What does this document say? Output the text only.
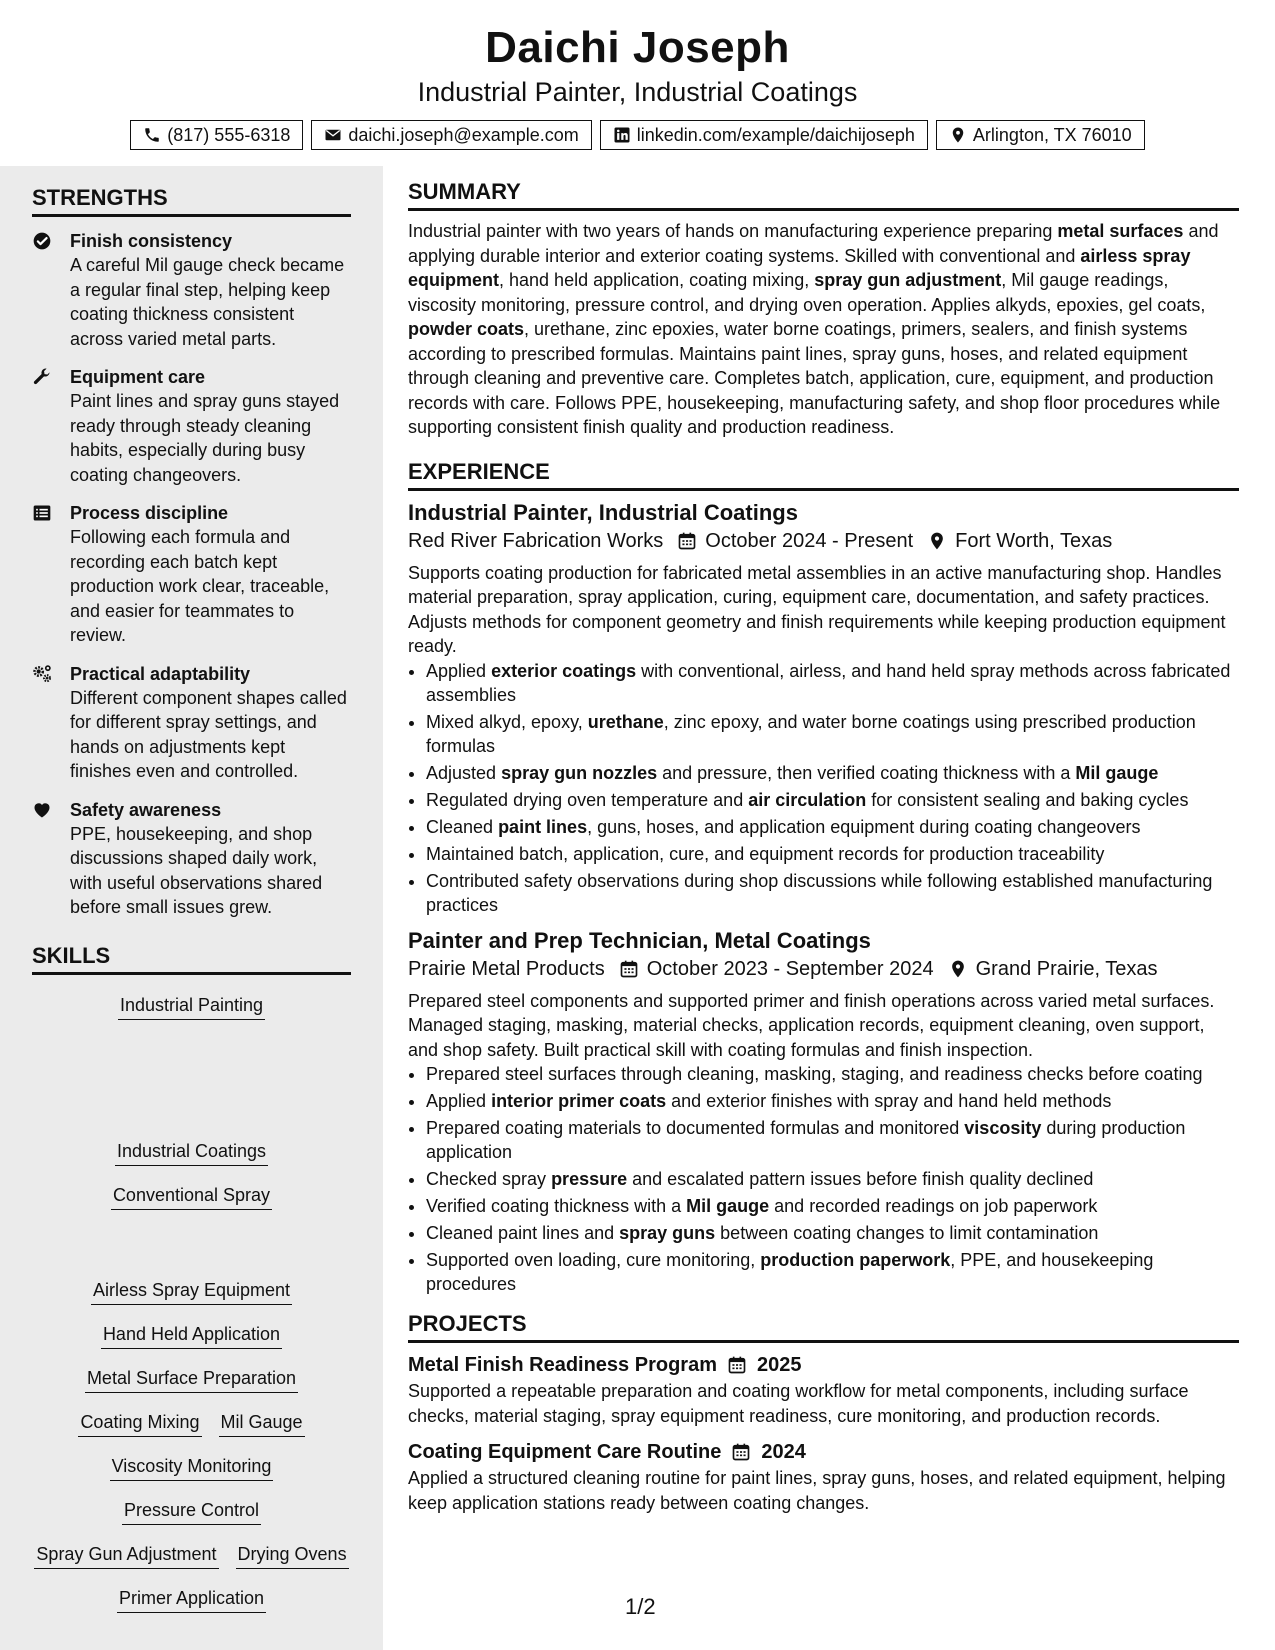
Daichi Joseph
Industrial Painter, Industrial Coatings
(817) 555-6318	daichi.joseph@example.com	linkedin.com/example/daichijoseph	Arlington, TX 76010
STRENGTHS
Finish consistency
A careful Mil gauge check became a regular final step, helping keep coating thickness consistent across varied metal parts.
Equipment care
Paint lines and spray guns stayed ready through steady cleaning habits, especially during busy coating changeovers.
Process discipline
Following each formula and recording each batch kept production work clear, traceable, and easier for teammates to review.
Practical adaptability
Different component shapes called for different spray settings, and hands on adjustments kept finishes even and controlled.
Safety awareness
PPE, housekeeping, and shop discussions shaped daily work, with useful observations shared before small issues grew.
SKILLS
Industrial Painting
Industrial Coatings
Conventional Spray
Airless Spray Equipment
Hand Held Application
Metal Surface Preparation
Coating Mixing Mil Gauge
Viscosity Monitoring
Pressure Control
Spray Gun Adjustment Drying Ovens
Primer Application
SUMMARY
Industrial painter with two years of hands on manufacturing experience preparing metal surfaces and applying durable interior and exterior coating systems. Skilled with conventional and airless spray equipment, hand held application, coating mixing, spray gun adjustment, Mil gauge readings, viscosity monitoring, pressure control, and drying oven operation. Applies alkyds, epoxies, gel coats, powder coats, urethane, zinc epoxies, water borne coatings, primers, sealers, and finish systems according to prescribed formulas. Maintains paint lines, spray guns, hoses, and related equipment through cleaning and preventive care. Completes batch, application, cure, equipment, and production records with care. Follows PPE, housekeeping, manufacturing safety, and shop floor procedures while supporting consistent finish quality and production readiness.
EXPERIENCE
Industrial Painter, Industrial Coatings
Red River Fabrication Works October 2024 - Present Fort Worth, Texas
Supports coating production for fabricated metal assemblies in an active manufacturing shop. Handles material preparation, spray application, curing, equipment care, documentation, and safety practices. Adjusts methods for component geometry and finish requirements while keeping production equipment ready.
• Applied exterior coatings with conventional, airless, and hand held spray methods across fabricated assemblies
• Mixed alkyd, epoxy, urethane, zinc epoxy, and water borne coatings using prescribed production formulas
• Adjusted spray gun nozzles and pressure, then verified coating thickness with a Mil gauge
• Regulated drying oven temperature and air circulation for consistent sealing and baking cycles
• Cleaned paint lines, guns, hoses, and application equipment during coating changeovers
• Maintained batch, application, cure, and equipment records for production traceability
• Contributed safety observations during shop discussions while following established manufacturing practices
Painter and Prep Technician, Metal Coatings
Prairie Metal Products October 2023 - September 2024 Grand Prairie, Texas
Prepared steel components and supported primer and finish operations across varied metal surfaces. Managed staging, masking, material checks, application records, equipment cleaning, oven support, and shop safety. Built practical skill with coating formulas and finish inspection.
• Prepared steel surfaces through cleaning, masking, staging, and readiness checks before coating
• Applied interior primer coats and exterior finishes with spray and hand held methods
• Prepared coating materials to documented formulas and monitored viscosity during production application
• Checked spray pressure and escalated pattern issues before finish quality declined
• Verified coating thickness with a Mil gauge and recorded readings on job paperwork
• Cleaned paint lines and spray guns between coating changes to limit contamination
• Supported oven loading, cure monitoring, production paperwork, PPE, and housekeeping procedures
PROJECTS
Metal Finish Readiness Program 2025
Supported a repeatable preparation and coating workflow for metal components, including surface checks, material staging, spray equipment readiness, cure monitoring, and production records.
Coating Equipment Care Routine 2024
Applied a structured cleaning routine for paint lines, spray guns, hoses, and related equipment, helping keep application stations ready between coating changes.
1/2
